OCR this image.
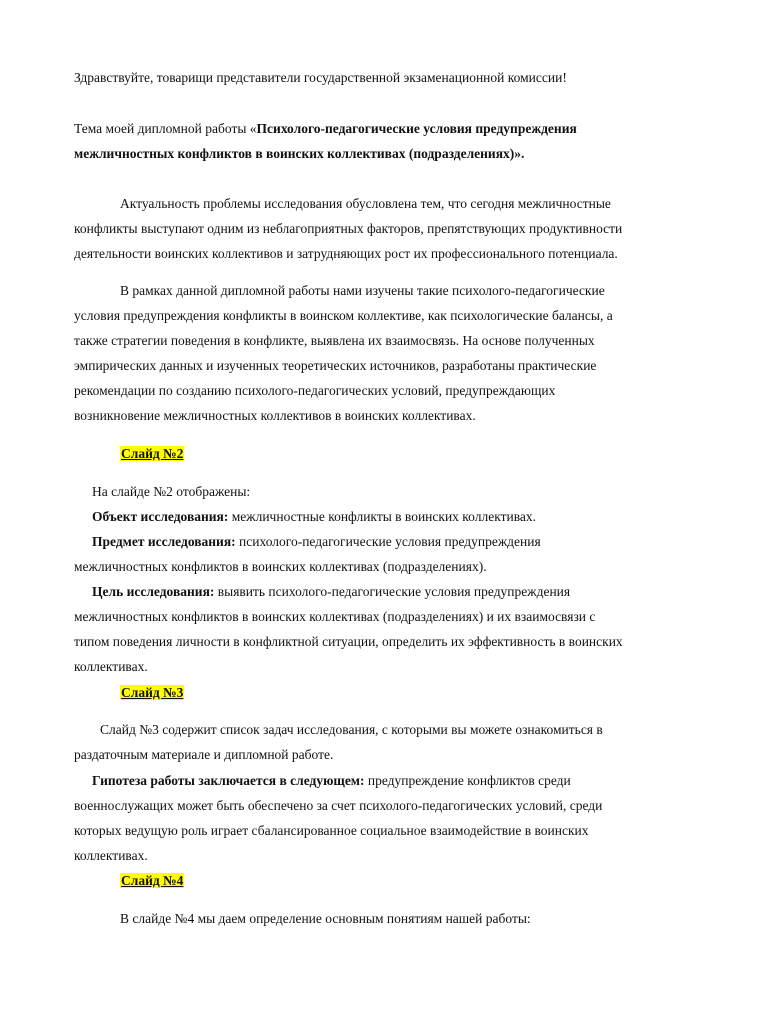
Здравствуйте, товарищи представители государственной экзаменационной комиссии!
Тема моей дипломной работы «Психолого-педагогические условия предупреждения
межличностных конфликтов в воинских коллективах (подразделениях)».
Актуальность проблемы исследования обусловлена тем, что сегодня межличностные
конфликты выступают одним из неблагоприятных факторов, препятствующих продуктивности
деятельности воинских коллективов и затрудняющих рост их профессионального потенциала.
В рамках данной дипломной работы нами изучены такие психолого-педагогические
условия предупреждения конфликты в воинском коллективе, как психологические балансы, а
также стратегии поведения в конфликте, выявлена их взаимосвязь. На основе полученных
эмпирических данных и изученных теоретических источников, разработаны практические
рекомендации по созданию психолого-педагогических условий, предупреждающих
возникновение межличностных коллективов в воинских коллективах.
Слайд №2
На слайде №2 отображены:
Объект исследования: межличностные конфликты в воинских коллективах.
Предмет исследования: психолого-педагогические условия предупреждения
межличностных конфликтов в воинских коллективах (подразделениях).
Цель исследования: выявить психолого-педагогические условия предупреждения
межличностных конфликтов в воинских коллективах (подразделениях) и их взаимосвязи с
типом поведения личности в конфликтной ситуации, определить их эффективность в воинских
коллективах.
Слайд №3
Слайд №3 содержит список задач исследования, с которыми вы можете ознакомиться в
раздаточным материале и дипломной работе.
Гипотеза работы заключается в следующем: предупреждение конфликтов среди
военнослужащих может быть обеспечено за счет психолого-педагогических условий, среди
которых ведущую роль играет сбалансированное социальное взаимодействие в воинских
коллективах.
Слайд №4
В слайде №4 мы даем определение основным понятиям нашей работы:
